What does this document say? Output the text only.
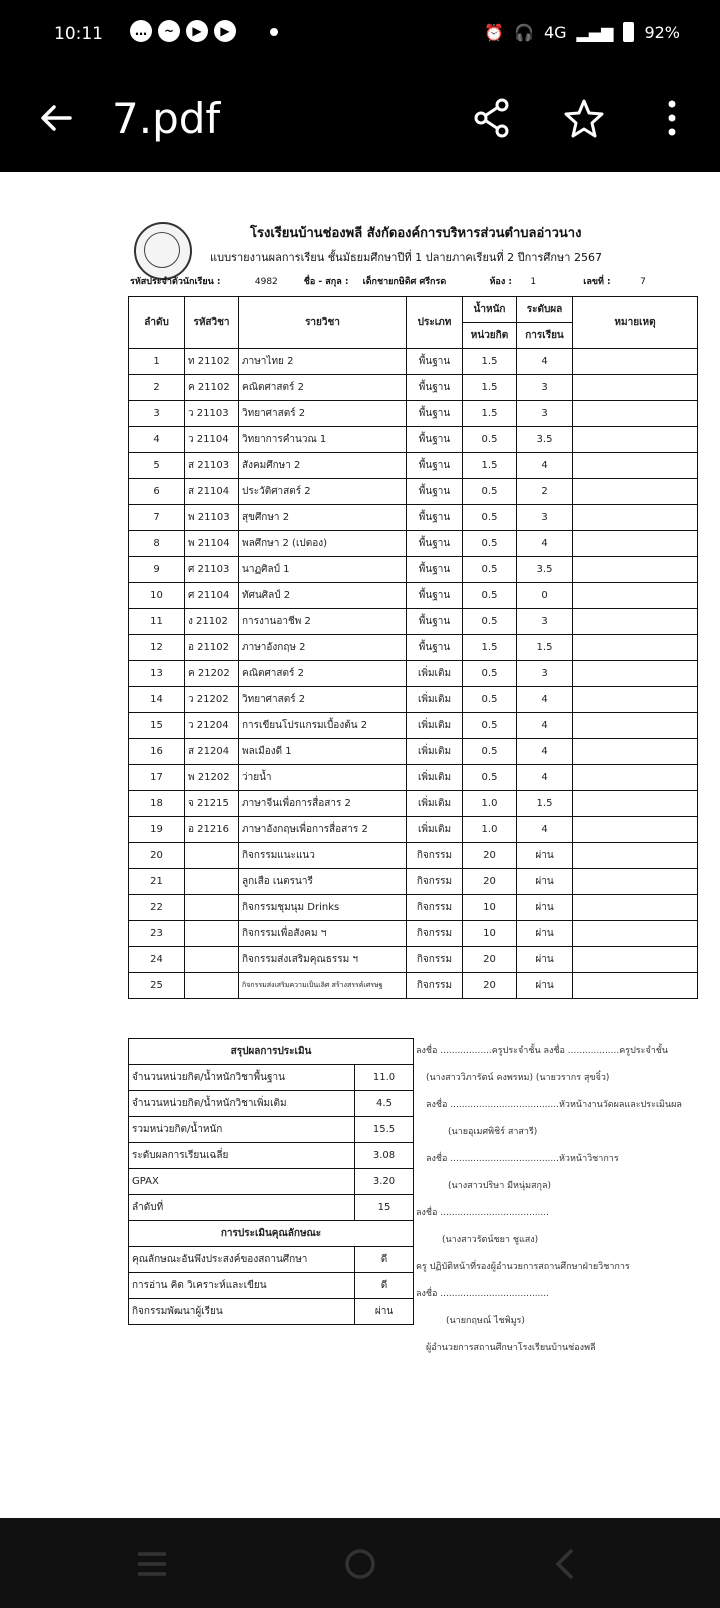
10:11	…	~	▶	▶	⏰ 🎧 4G ▂▄▆ 92%
7.pdf
โรงเรียนบ้านช่องพลี สังกัดองค์การบริหารส่วนตำบลอ่าวนาง
แบบรายงานผลการเรียน ชั้นมัธยมศึกษาปีที่ 1 ปลายภาคเรียนที่ 2 ปีการศึกษา 2567
รหัสประจำตัวนักเรียน :	4982	ชื่อ - สกุล : เด็กชายกษิดิศ ศรีกรด	ห้อง : 1	เลขที่ :	7
ลำดับ	รหัสวิชา	รายวิชา	ประเภท	น้ำหนัก	ระดับผล	หมายเหตุ
				หน่วยกิต	การเรียน	
1	ท 21102	ภาษาไทย 2	พื้นฐาน	1.5	4	
2	ค 21102	คณิตศาสตร์ 2	พื้นฐาน	1.5	3	
3	ว 21103	วิทยาศาสตร์ 2	พื้นฐาน	1.5	3	
4	ว 21104	วิทยาการคำนวณ 1	พื้นฐาน	0.5	3.5	
5	ส 21103	สังคมศึกษา 2	พื้นฐาน	1.5	4	
6	ส 21104	ประวัติศาสตร์ 2	พื้นฐาน	0.5	2	
7	พ 21103	สุขศึกษา 2	พื้นฐาน	0.5	3	
8	พ 21104	พลศึกษา 2 (เปตอง)	พื้นฐาน	0.5	4	
9	ศ 21103	นาฏศิลป์ 1	พื้นฐาน	0.5	3.5	
10	ศ 21104	ทัศนศิลป์ 2	พื้นฐาน	0.5	0	
11	ง 21102	การงานอาชีพ 2	พื้นฐาน	0.5	3	
12	อ 21102	ภาษาอังกฤษ 2	พื้นฐาน	1.5	1.5	
13	ค 21202	คณิตศาสตร์ 2	เพิ่มเติม	0.5	3	
14	ว 21202	วิทยาศาสตร์ 2	เพิ่มเติม	0.5	4	
15	ว 21204	การเขียนโปรแกรมเบื้องต้น 2	เพิ่มเติม	0.5	4	
16	ส 21204	พลเมืองดี 1	เพิ่มเติม	0.5	4	
17	พ 21202	ว่ายน้ำ	เพิ่มเติม	0.5	4	
18	จ 21215	ภาษาจีนเพื่อการสื่อสาร 2	เพิ่มเติม	1.0	1.5	
19	อ 21216	ภาษาอังกฤษเพื่อการสื่อสาร 2	เพิ่มเติม	1.0	4	
20		กิจกรรมแนะแนว	กิจกรรม	20	ผ่าน	
21		ลูกเสือ เนตรนารี	กิจกรรม	20	ผ่าน	
22		กิจกรรมชุมนุม Drinks	กิจกรรม	10	ผ่าน	
23		กิจกรรมเพื่อสังคม ฯ	กิจกรรม	10	ผ่าน	
24		กิจกรรมส่งเสริมคุณธรรม ฯ	กิจกรรม	20	ผ่าน	
25		กิจกรรมส่งเสริมความเป็นเลิศ สร้างสรรค์เศรษฐ	กิจกรรม	20	ผ่าน	
สรุปผลการประเมิน	
จำนวนหน่วยกิต/น้ำหนักวิชาพื้นฐาน	11.0
จำนวนหน่วยกิต/น้ำหนักวิชาเพิ่มเติม	4.5
รวมหน่วยกิต/น้ำหนัก	15.5
ระดับผลการเรียนเฉลี่ย	3.08
GPAX	3.20
ลำดับที่	15
การประเมินคุณลักษณะ	
คุณลักษณะอันพึงประสงค์ของสถานศึกษา	ดี
การอ่าน คิด วิเคราะห์และเขียน	ดี
กิจกรรมพัฒนาผู้เรียน	ผ่าน
ลงชื่อ ..................ครูประจำชั้น ลงชื่อ ..................ครูประจำชั้น
(นางสาววิภารัตน์ คงพรหม) (นายวรากร สุขจิ๋ว)
ลงชื่อ ......................................หัวหน้างานวัดผลและประเมินผล
(นายอุเมศพิชิร์ สาสารี)
ลงชื่อ ......................................หัวหน้าวิชาการ
(นางสาวปริษา มีหนุ่มสกุล)
ลงชื่อ ......................................
(นางสาวรัตน์ชยา ชูแสง)
ครู ปฏิบัติหน้าที่รองผู้อำนวยการสถานศึกษาฝ่ายวิชาการ
ลงชื่อ ......................................
(นายกฤษณ์ ไชพิมูร)
ผู้อำนวยการสถานศึกษาโรงเรียนบ้านช่องพลี
